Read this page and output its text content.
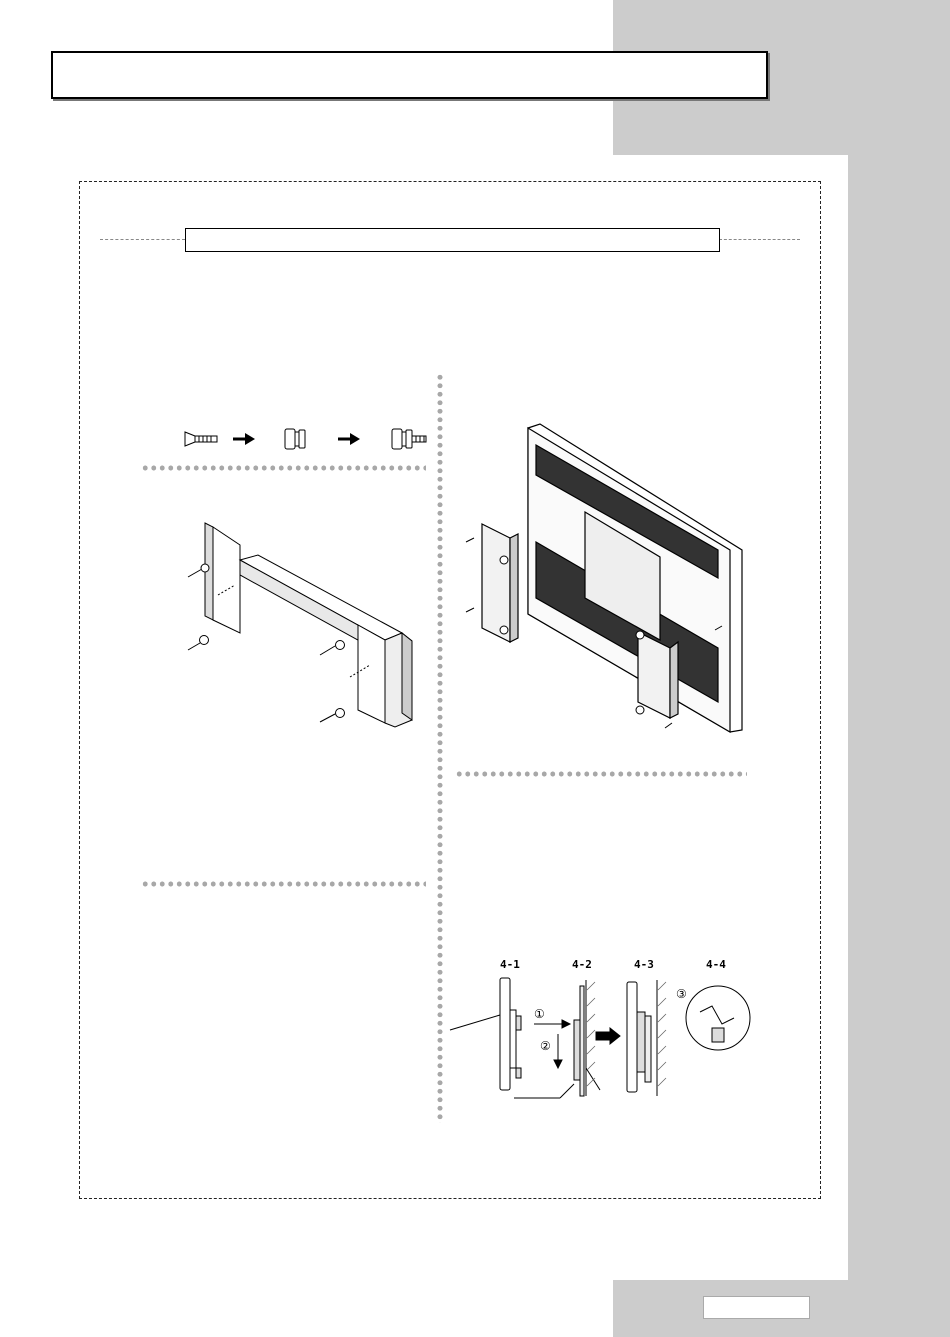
4-1	4-2	4-3	4-4
①
②
③
